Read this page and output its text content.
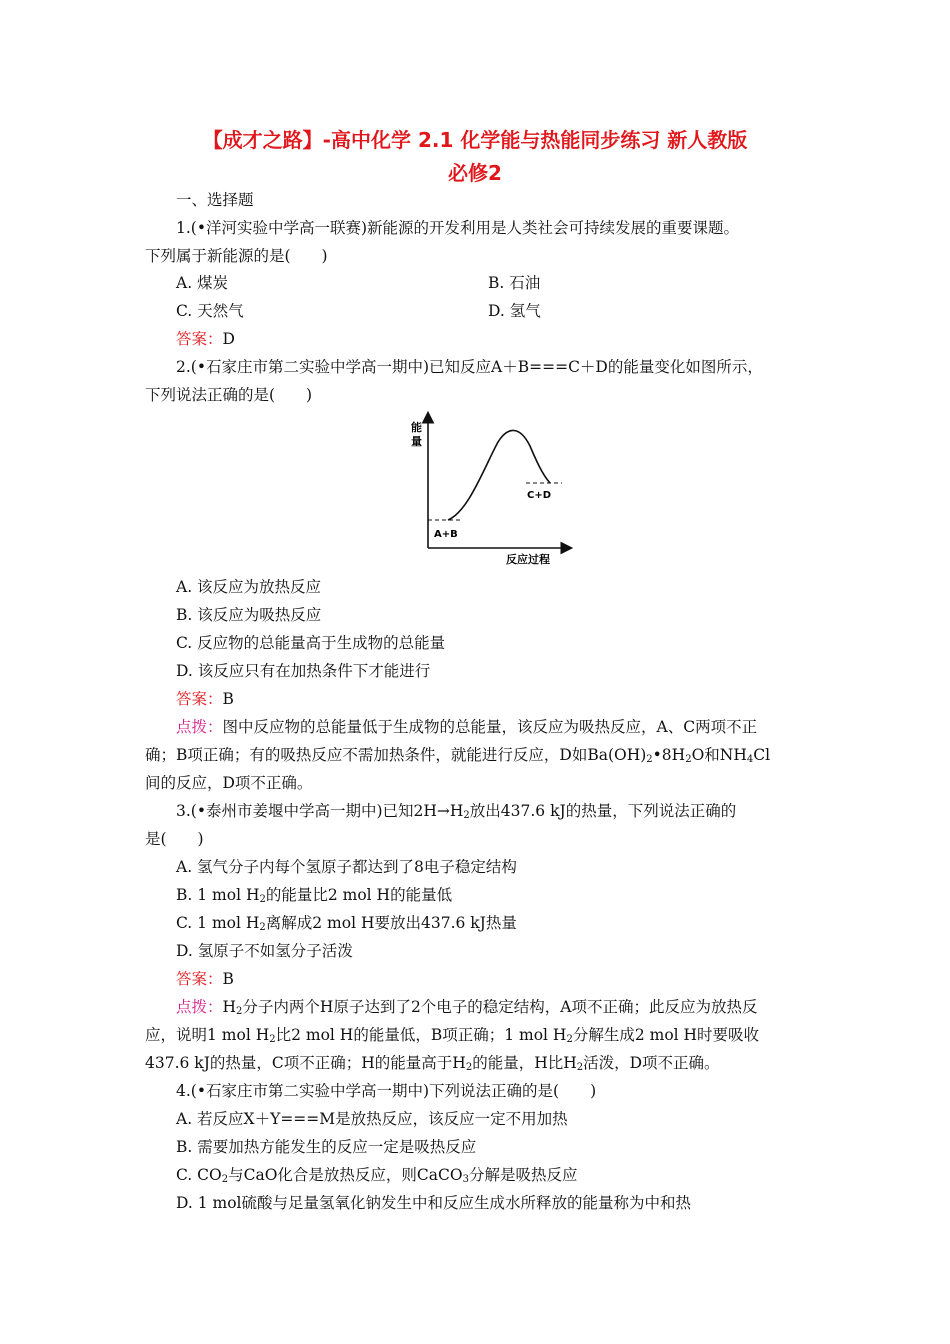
【成才之路】-高中化学 2.1 化学能与热能同步练习 新人教版
必修2
一、选择题
1.(•洋河实验中学高一联赛)新能源的开发利用是人类社会可持续发展的重要课题。
下列属于新能源的是(　　)
A. 煤炭	B. 石油
C. 天然气	D. 氢气
答案：D
2.(•石家庄市第二实验中学高一期中)已知反应A＋B===C＋D的能量变化如图所示，
下列说法正确的是(　　)
能
量
A+B
C+D
反应过程
A. 该反应为放热反应
B. 该反应为吸热反应
C. 反应物的总能量高于生成物的总能量
D. 该反应只有在加热条件下才能进行
答案：B
点拨：图中反应物的总能量低于生成物的总能量，该反应为吸热反应，A、C两项不正
确；B项正确；有的吸热反应不需加热条件，就能进行反应，D如$Ba(OH)_2•8H_2O$和$NH_4Cl$
间的反应，D项不正确。
3.(•泰州市姜堰中学高一期中)已知$2H\to H_2$放出437.6 kJ的热量，下列说法正确的
是(　　)
A. 氢气分子内每个氢原子都达到了8电子稳定结构
B. 1 mol $H_2$的能量比2 mol H的能量低
C. 1 mol $H_2$离解成2 mol H要放出437.6 kJ热量
D. 氢原子不如氢分子活泼
答案：B
点拨：$H_2$分子内两个H原子达到了2个电子的稳定结构，A项不正确；此反应为放热反
应，说明1 mol $H_2$比2 mol H的能量低，B项正确；1 mol $H_2$分解生成2 mol H时要吸收
437.6 kJ的热量，C项不正确；H的能量高于$H_2$的能量，H比$H_2$活泼，D项不正确。
4.(•石家庄市第二实验中学高一期中)下列说法正确的是(　　)
A. 若反应X＋Y===M是放热反应，该反应一定不用加热
B. 需要加热方能发生的反应一定是吸热反应
C. $CO_2$与CaO化合是放热反应，则CaCO$_3$分解是吸热反应
D. 1 mol硫酸与足量氢氧化钠发生中和反应生成水所释放的能量称为中和热
